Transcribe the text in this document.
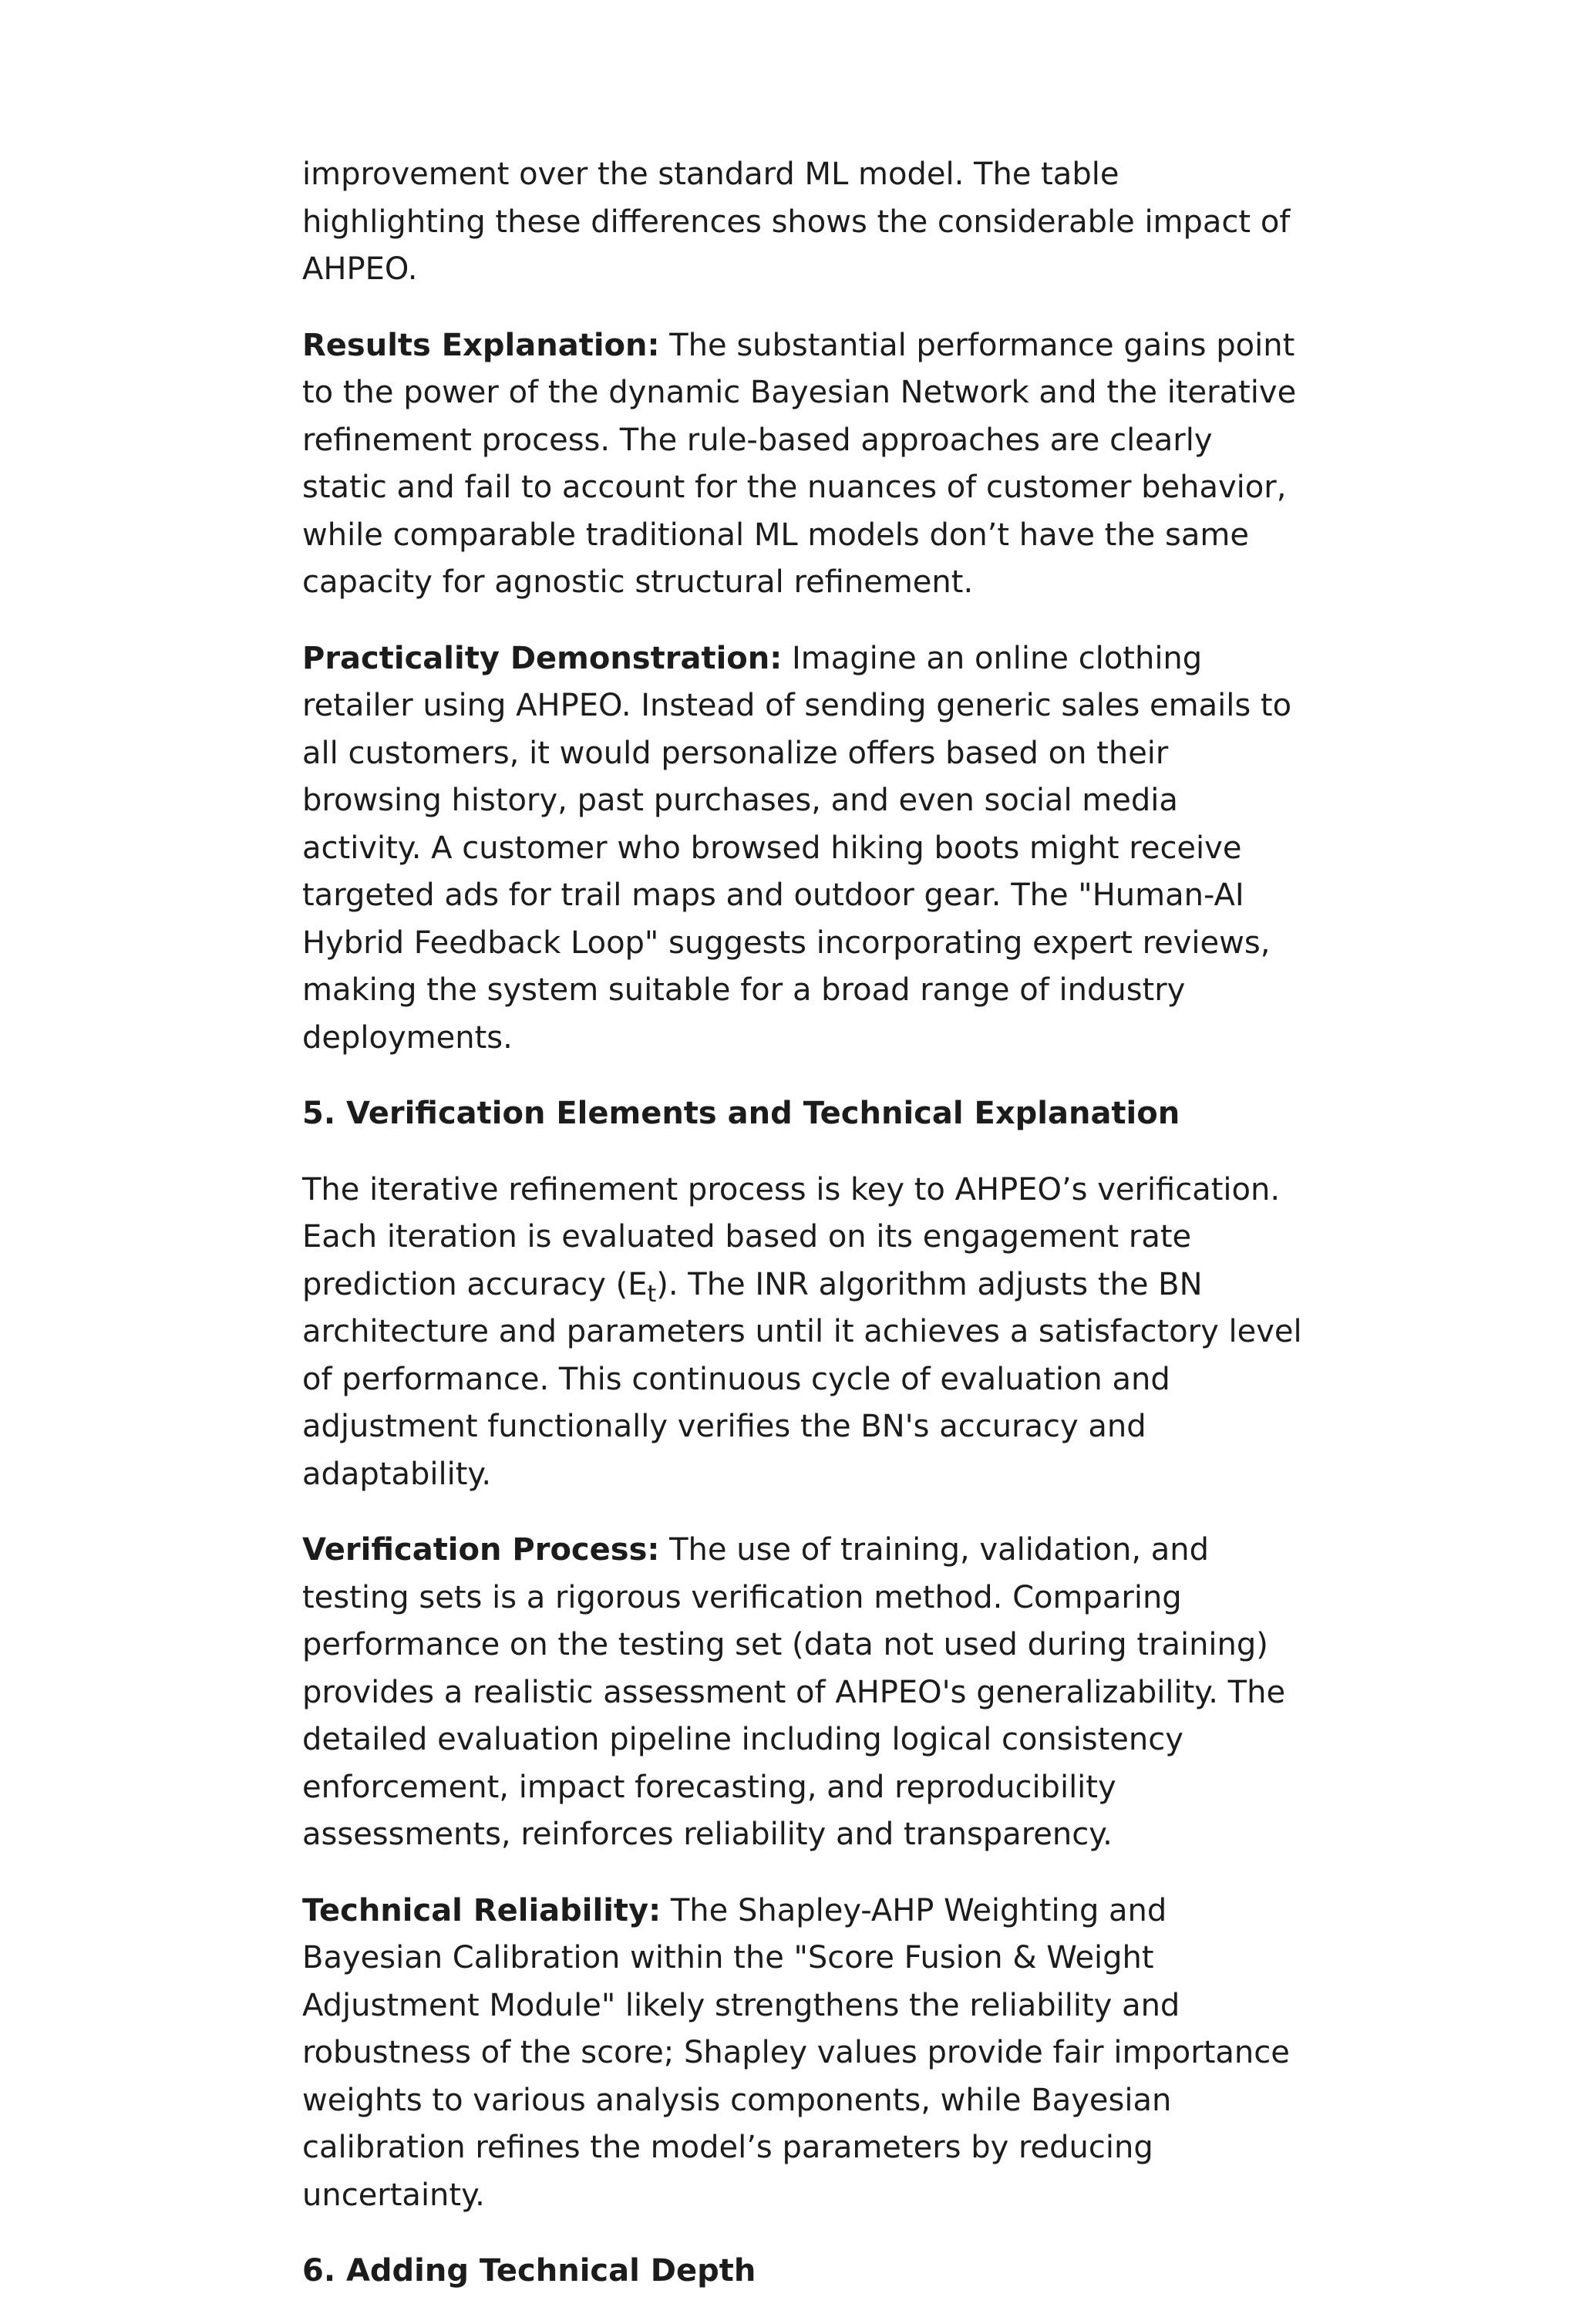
improvement over the standard ML model. The table highlighting these differences shows the considerable impact of AHPEO.

Results Explanation: The substantial performance gains point to the power of the dynamic Bayesian Network and the iterative refinement process. The rule-based approaches are clearly static and fail to account for the nuances of customer behavior, while comparable traditional ML models don’t have the same capacity for agnostic structural refinement.

Practicality Demonstration: Imagine an online clothing retailer using AHPEO. Instead of sending generic sales emails to all customers, it would personalize offers based on their browsing history, past purchases, and even social media activity. A customer who browsed hiking boots might receive targeted ads for trail maps and outdoor gear. The "Human-AI Hybrid Feedback Loop" suggests incorporating expert reviews, making the system suitable for a broad range of industry deployments.

5. Verification Elements and Technical Explanation

The iterative refinement process is key to AHPEO’s verification. Each iteration is evaluated based on its engagement rate prediction accuracy $(E_t)$. The INR algorithm adjusts the BN architecture and parameters until it achieves a satisfactory level of performance. This continuous cycle of evaluation and adjustment functionally verifies the BN's accuracy and adaptability.

Verification Process: The use of training, validation, and testing sets is a rigorous verification method. Comparing performance on the testing set (data not used during training) provides a realistic assessment of AHPEO's generalizability. The detailed evaluation pipeline including logical consistency enforcement, impact forecasting, and reproducibility assessments, reinforces reliability and transparency.

Technical Reliability: The Shapley-AHP Weighting and Bayesian Calibration within the "Score Fusion & Weight Adjustment Module" likely strengthens the reliability and robustness of the score; Shapley values provide fair importance weights to various analysis components, while Bayesian calibration refines the model’s parameters by reducing uncertainty.

6. Adding Technical Depth
